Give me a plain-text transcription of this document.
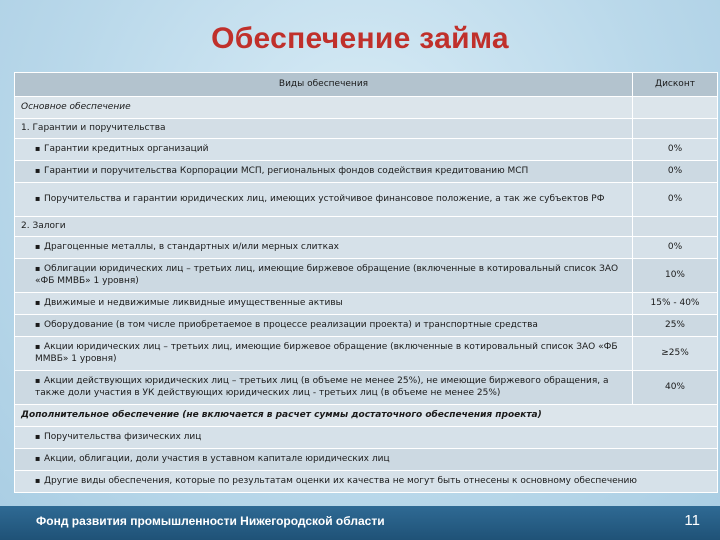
Обеспечение займа
Виды обеспечения	Дисконт
Основное обеспечение	
1. Гарантии и поручительства	
▪ Гарантии кредитных организаций	0%
▪ Гарантии и поручительства Корпорации МСП, региональных фондов содействия кредитованию МСП	0%
▪ Поручительства и гарантии юридических лиц, имеющих устойчивое финансовое положение, а так же субъектов РФ	0%
2. Залоги	
▪ Драгоценные металлы, в стандартных и/или мерных слитках	0%
▪ Облигации юридических лиц – третьих лиц, имеющие биржевое обращение (включенные в котировальный список ЗАО «ФБ ММВБ» 1 уровня)	10%
▪ Движимые и недвижимые ликвидные имущественные активы	15% - 40%
▪ Оборудование (в том числе приобретаемое в процессе реализации проекта) и транспортные средства	25%
▪ Акции юридических лиц – третьих лиц, имеющие биржевое обращение (включенные в котировальный список ЗАО «ФБ ММВБ» 1 уровня)	≥25%
▪ Акции действующих юридических лиц – третьих лиц (в объеме не менее 25%), не имеющие биржевого обращения, а также доли участия в УК действующих юридических лиц - третьих лиц (в объеме не менее 25%)	40%
Дополнительное обеспечение (не включается в расчет суммы достаточного обеспечения проекта)	
▪ Поручительства физических лиц	
▪ Акции, облигации, доли участия в уставном капитале юридических лиц	
▪ Другие виды обеспечения, которые по результатам оценки их качества не могут быть отнесены к основному обеспечению	
Фонд развития промышленности Нижегородской области	11
